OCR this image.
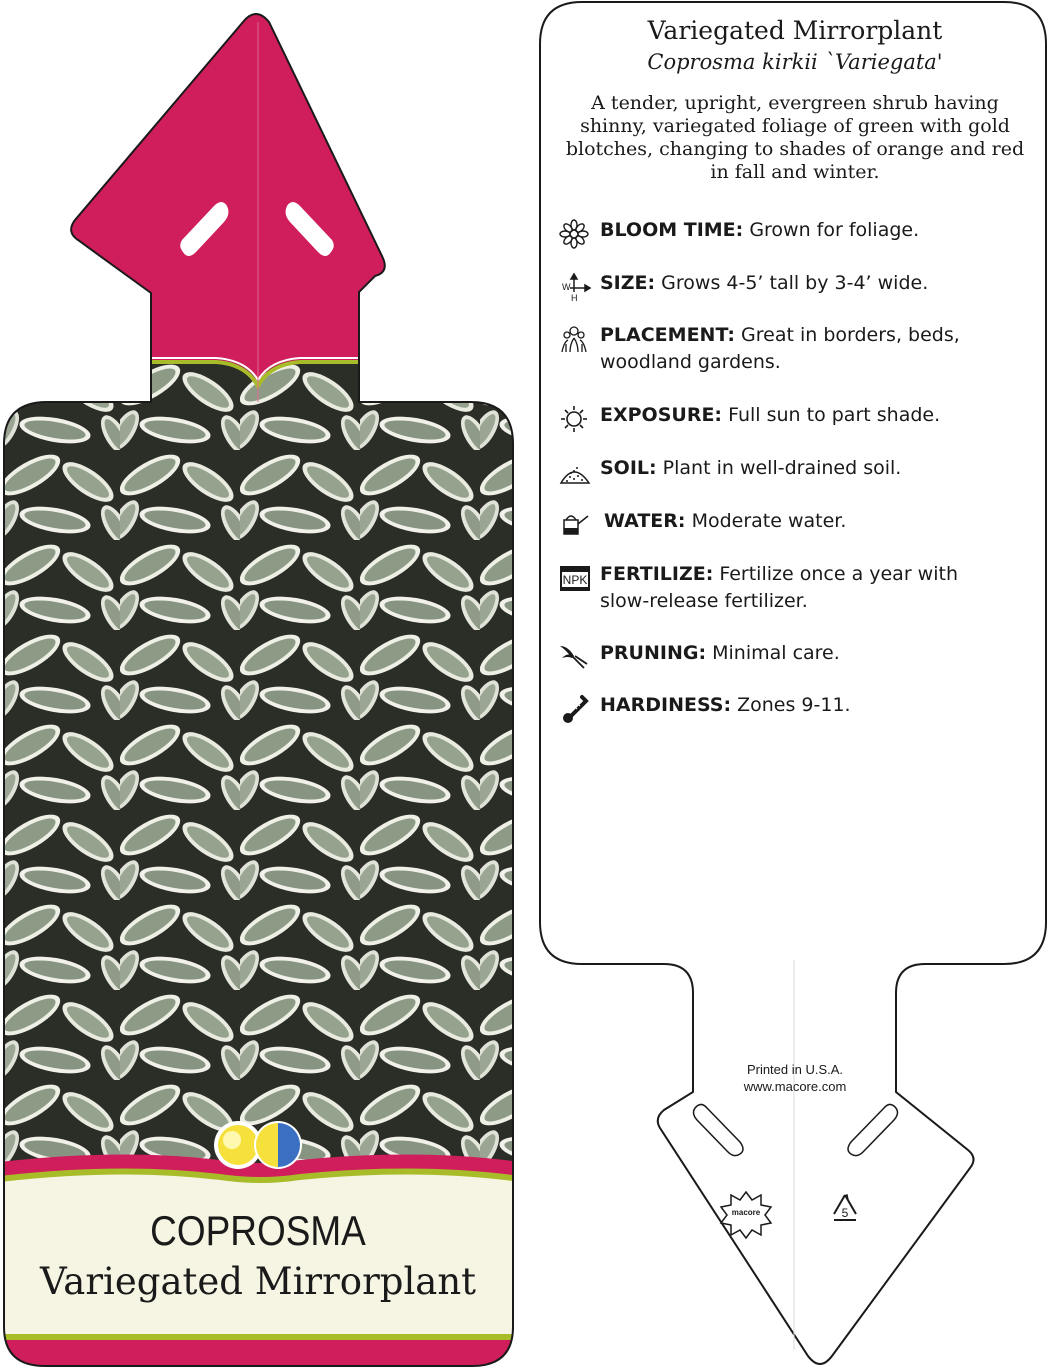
COPROSMA
Variegated Mirrorplant
macore	5
Variegated Mirrorplant
Coprosma kirkii `Variegata'
A tender, upright, evergreen shrub having shinny, variegated foliage of green with gold blotches, changing to shades of orange and red in fall and winter.
BLOOM TIME: Grown for foliage.
W
H
SIZE: Grows 4-5’ tall by 3-4’ wide.
PLACEMENT: Great in borders, beds,

woodland gardens.
EXPOSURE: Full sun to part shade.
SOIL: Plant in well-drained soil.
WATER: Moderate water.
NPK FERTILIZE: Fertilize once a year with

slow-release fertilizer.
PRUNING: Minimal care.
HARDINESS: Zones 9-11.
Printed in U.S.A.
www.macore.com
